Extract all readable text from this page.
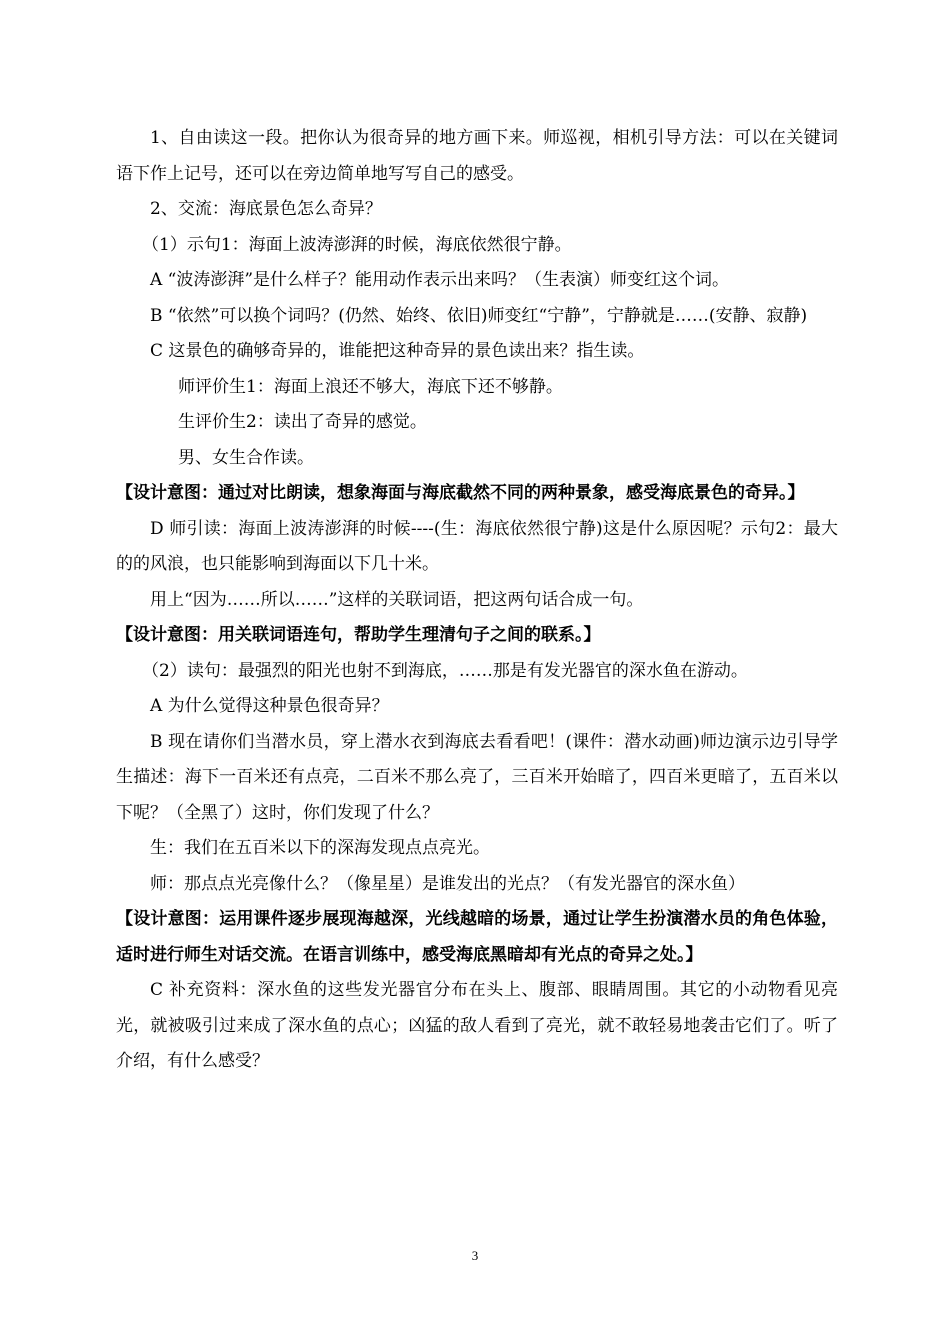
1、自由读这一段。把你认为很奇异的地方画下来。师巡视，相机引导方法：可以在关键词语下作上记号，还可以在旁边简单地写写自己的感受。

2、交流：海底景色怎么奇异？

（1）示句1：海面上波涛澎湃的时候，海底依然很宁静。

A “波涛澎湃”是什么样子？能用动作表示出来吗？（生表演）师变红这个词。

B “依然”可以换个词吗？(仍然、始终、依旧)师变红“宁静”，宁静就是……(安静、寂静)

C 这景色的确够奇异的，谁能把这种奇异的景色读出来？指生读。

师评价生1：海面上浪还不够大，海底下还不够静。

生评价生2：读出了奇异的感觉。

男、女生合作读。

【设计意图：通过对比朗读，想象海面与海底截然不同的两种景象，感受海底景色的奇异。】

D 师引读：海面上波涛澎湃的时候----(生：海底依然很宁静)这是什么原因呢？示句2：最大的的风浪，也只能影响到海面以下几十米。

用上“因为……所以……”这样的关联词语，把这两句话合成一句。

【设计意图：用关联词语连句，帮助学生理清句子之间的联系。】

（2）读句：最强烈的阳光也射不到海底，……那是有发光器官的深水鱼在游动。

A 为什么觉得这种景色很奇异？

B 现在请你们当潜水员，穿上潜水衣到海底去看看吧！(课件：潜水动画)师边演示边引导学生描述：海下一百米还有点亮，二百米不那么亮了，三百米开始暗了，四百米更暗了，五百米以下呢？（全黑了）这时，你们发现了什么？

生：我们在五百米以下的深海发现点点亮光。

师：那点点光亮像什么？（像星星）是谁发出的光点？（有发光器官的深水鱼）

【设计意图：运用课件逐步展现海越深，光线越暗的场景，通过让学生扮演潜水员的角色体验，适时进行师生对话交流。在语言训练中，感受海底黑暗却有光点的奇异之处。】

C 补充资料：深水鱼的这些发光器官分布在头上、腹部、眼睛周围。其它的小动物看见亮光，就被吸引过来成了深水鱼的点心；凶猛的敌人看到了亮光，就不敢轻易地袭击它们了。听了介绍，有什么感受？

3
